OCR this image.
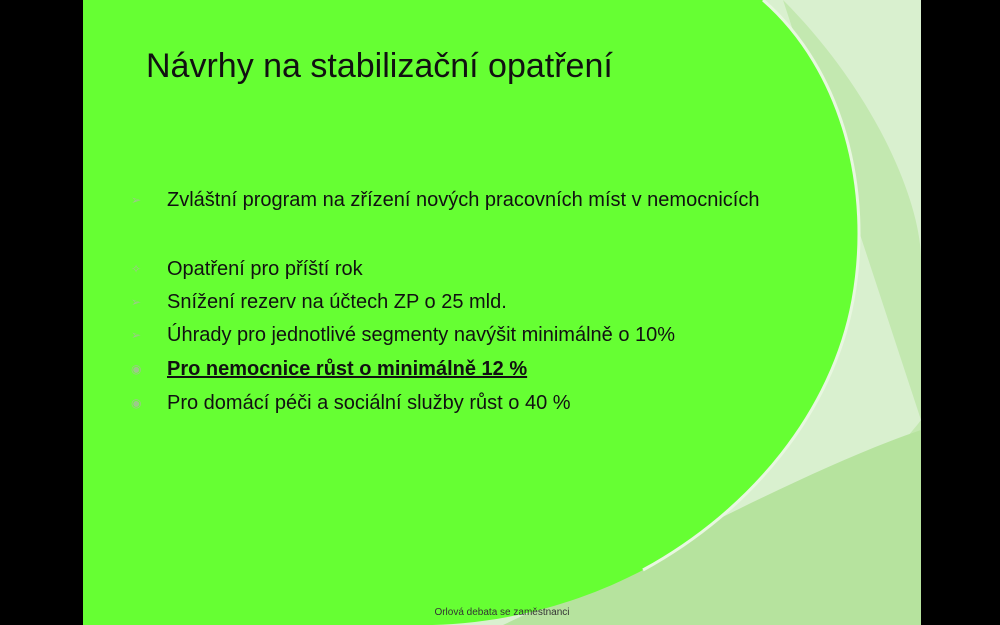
Návrhy na stabilizační opatření
➢	Zvláštní program na zřízení nových pracovních míst v nemocnicích
✧	Opatření pro příští rok
➢	Snížení rezerv na účtech ZP o 25 mld.
➢	Úhrady pro jednotlivé segmenty navýšit minimálně o 10%
◉	Pro nemocnice růst o minimálně 12 %
◉	Pro domácí péči a sociální služby růst o 40 %
Orlová debata se zaměstnanci
